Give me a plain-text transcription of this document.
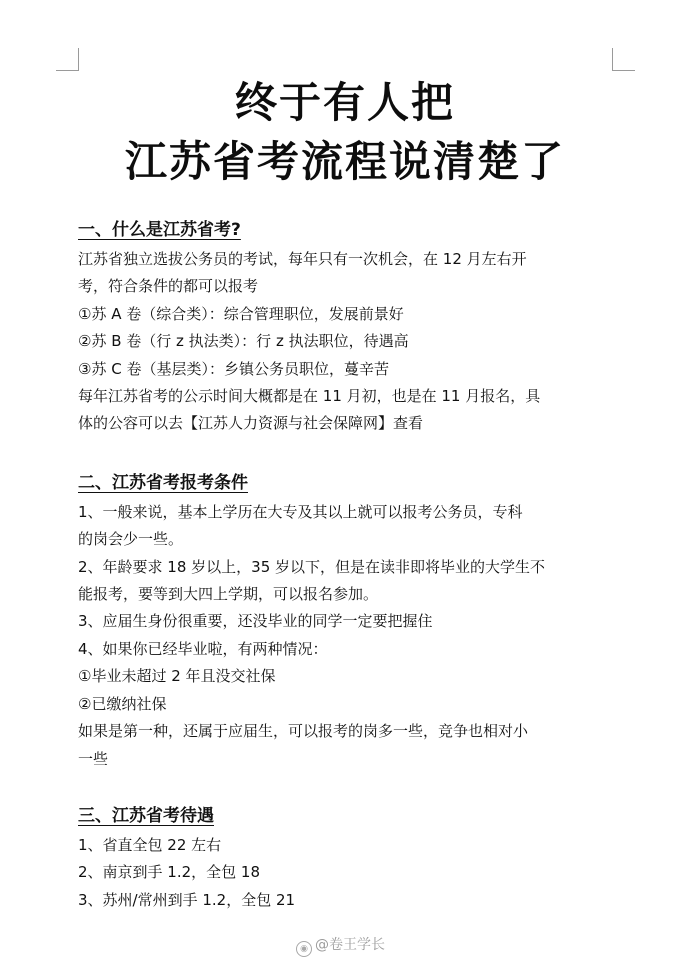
终于有人把
江苏省考流程说清楚了

一、什么是江苏省考?

江苏省独立选拔公务员的考试，每年只有一次机会，在 12 月左右开

考，符合条件的都可以报考

①苏 A 卷（综合类）：综合管理职位，发展前景好

②苏 B 卷（行 z 执法类）：行 z 执法职位，待遇高

③苏 C 卷（基层类）：乡镇公务员职位，蔓辛苦

每年江苏省考的公示时间大概都是在 11 月初，也是在 11 月报名，具

体的公容可以去【江苏人力资源与社会保障网】查看

二、江苏省考报考条件

1、一般来说，基本上学历在大专及其以上就可以报考公务员，专科

的岗会少一些。

2、年龄要求 18 岁以上，35 岁以下，但是在读非即将毕业的大学生不

能报考，要等到大四上学期，可以报名参加。

3、应届生身份很重要，还没毕业的同学一定要把握住

4、如果你已经毕业啦，有两种情况：

①毕业未超过 2 年且没交社保

②已缴纳社保

如果是第一种，还属于应届生，可以报考的岗多一些，竞争也相对小

一些

三、江苏省考待遇

1、省直全包 22 左右

2、南京到手 1.2，全包 18

3、苏州/常州到手 1.2，全包 21

◉ @卷王学长
